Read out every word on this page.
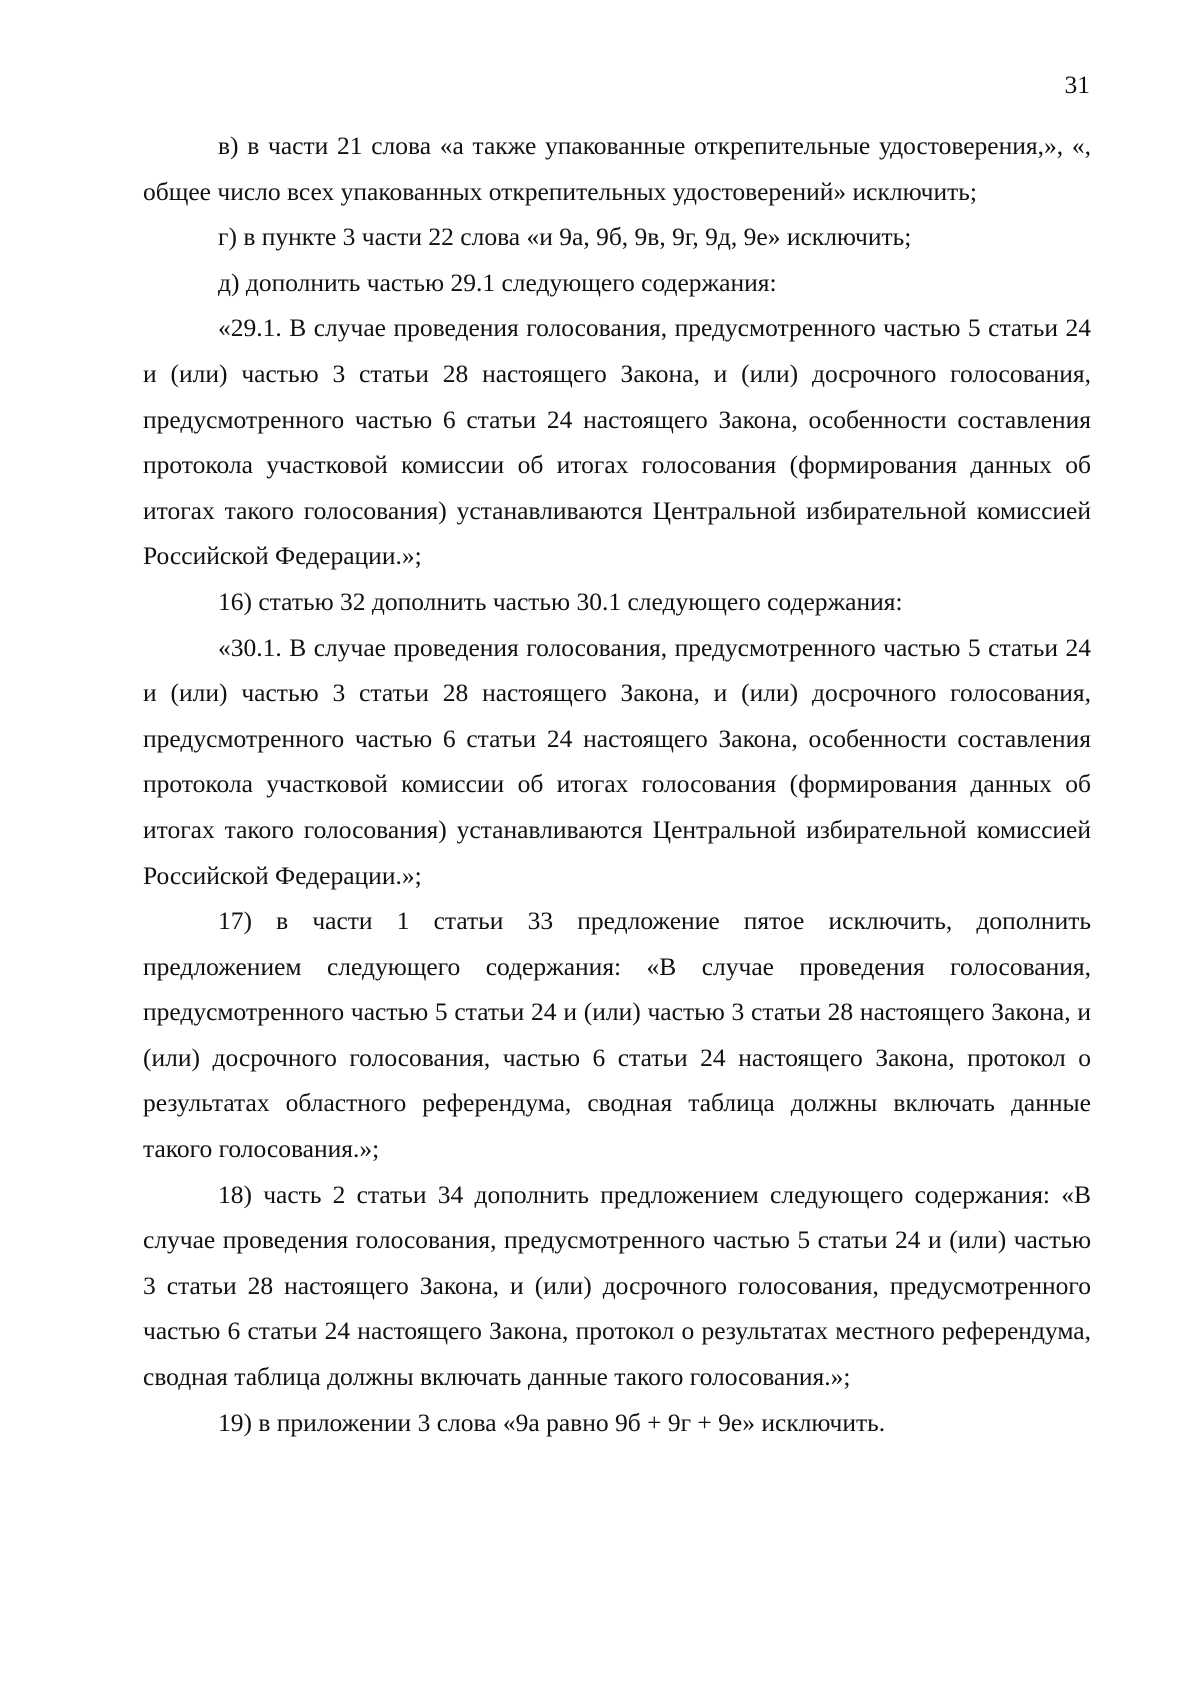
31

в) в части 21 слова «а также упакованные открепительные удостоверения,», «, общее число всех упакованных открепительных удостоверений» исключить;

г) в пункте 3 части 22 слова «и 9а, 9б, 9в, 9г, 9д, 9е» исключить;

д) дополнить частью 29.1 следующего содержания:

«29.1. В случае проведения голосования, предусмотренного частью 5 статьи 24 и (или) частью 3 статьи 28 настоящего Закона, и (или) досрочного голосования, предусмотренного частью 6 статьи 24 настоящего Закона, особенности составления протокола участковой комиссии об итогах голосования (формирования данных об итогах такого голосования) устанавливаются Центральной избирательной комиссией Российской Федерации.»;

16) статью 32 дополнить частью 30.1 следующего содержания:

«30.1. В случае проведения голосования, предусмотренного частью 5 статьи 24 и (или) частью 3 статьи 28 настоящего Закона, и (или) досрочного голосования, предусмотренного частью 6 статьи 24 настоящего Закона, особенности составления протокола участковой комиссии об итогах голосования (формирования данных об итогах такого голосования) устанавливаются Центральной избирательной комиссией Российской Федерации.»;

17) в части 1 статьи 33 предложение пятое исключить, дополнить предложением следующего содержания: «В случае проведения голосования, предусмотренного частью 5 статьи 24 и (или) частью 3 статьи 28 настоящего Закона, и (или) досрочного голосования, частью 6 статьи 24 настоящего Закона, протокол о результатах областного референдума, сводная таблица должны включать данные такого голосования.»;

18) часть 2 статьи 34 дополнить предложением следующего содержания: «В случае проведения голосования, предусмотренного частью 5 статьи 24 и (или) частью 3 статьи 28 настоящего Закона, и (или) досрочного голосования, предусмотренного частью 6 статьи 24 настоящего Закона, протокол о результатах местного референдума, сводная таблица должны включать данные такого голосования.»;

19) в приложении 3 слова «9а равно 9б + 9г + 9е» исключить.
